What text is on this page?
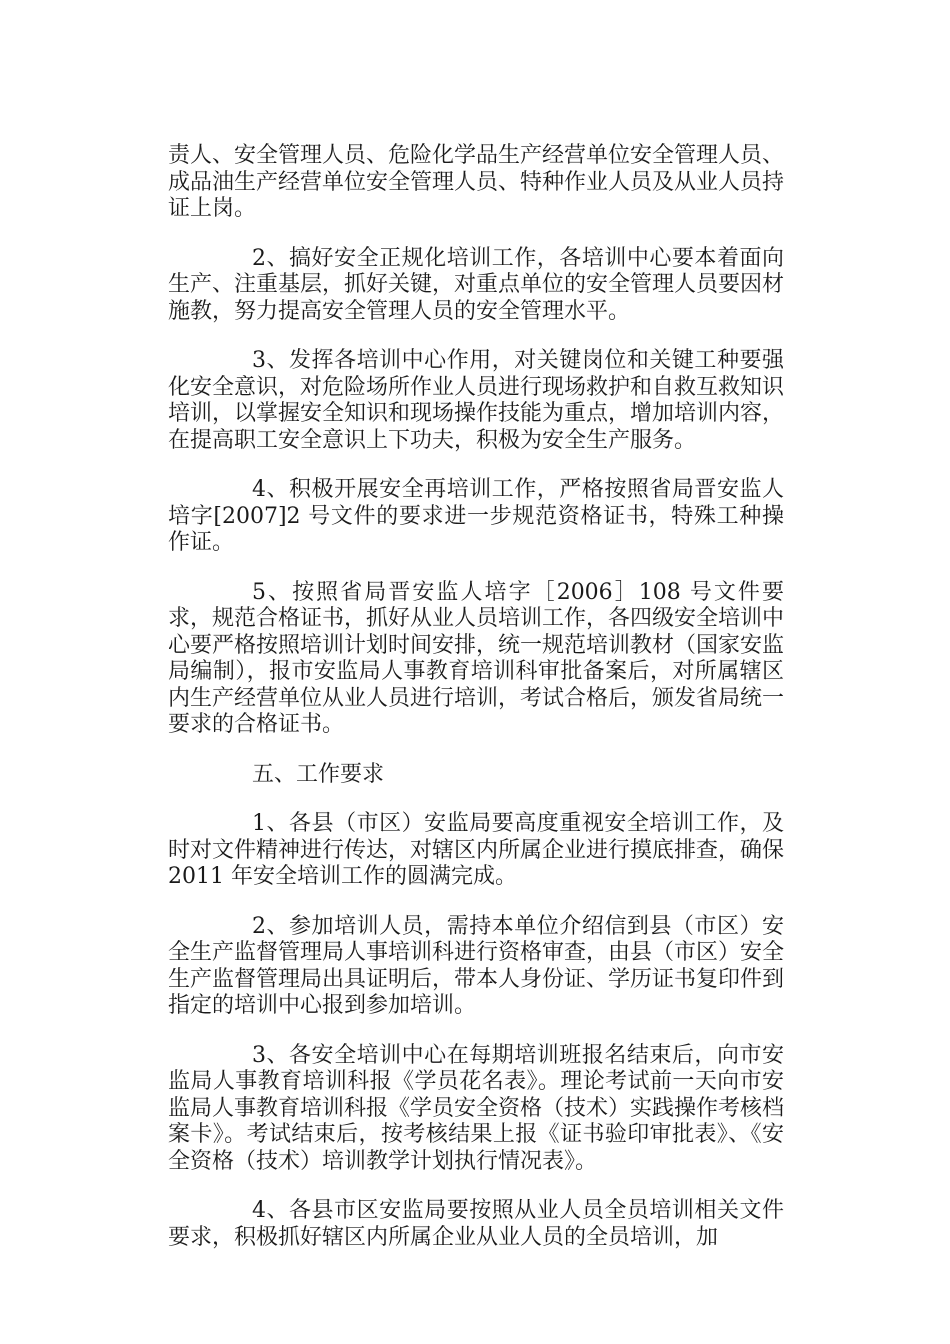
责人、安全管理人员、危险化学品生产经营单位安全管理人员、成品油生产经营单位安全管理人员、特种作业人员及从业人员持证上岗。

2、搞好安全正规化培训工作，各培训中心要本着面向生产、注重基层，抓好关键，对重点单位的安全管理人员要因材施教，努力提高安全管理人员的安全管理水平。

3、发挥各培训中心作用，对关键岗位和关键工种要强化安全意识，对危险场所作业人员进行现场救护和自救互救知识培训，以掌握安全知识和现场操作技能为重点，增加培训内容，在提高职工安全意识上下功夫，积极为安全生产服务。

4、积极开展安全再培训工作，严格按照省局晋安监人培字[2007]2 号文件的要求进一步规范资格证书，特殊工种操作证。

5、按照省局晋安监人培字［2006］108 号文件要求，规范合格证书，抓好从业人员培训工作，各四级安全培训中心要严格按照培训计划时间安排，统一规范培训教材（国家安监局编制），报市安监局人事教育培训科审批备案后，对所属辖区内生产经营单位从业人员进行培训，考试合格后，颁发省局统一要求的合格证书。

五、工作要求

1、各县（市区）安监局要高度重视安全培训工作，及时对文件精神进行传达，对辖区内所属企业进行摸底排查，确保 2011 年安全培训工作的圆满完成。

2、参加培训人员，需持本单位介绍信到县（市区）安全生产监督管理局人事培训科进行资格审查，由县（市区）安全生产监督管理局出具证明后，带本人身份证、学历证书复印件到指定的培训中心报到参加培训。

3、各安全培训中心在每期培训班报名结束后，向市安监局人事教育培训科报《学员花名表》。理论考试前一天向市安监局人事教育培训科报《学员安全资格（技术）实践操作考核档案卡》。考试结束后，按考核结果上报《证书验印审批表》、《安全资格（技术）培训教学计划执行情况表》。

4、各县市区安监局要按照从业人员全员培训相关文件要求，积极抓好辖区内所属企业从业人员的全员培训，加
